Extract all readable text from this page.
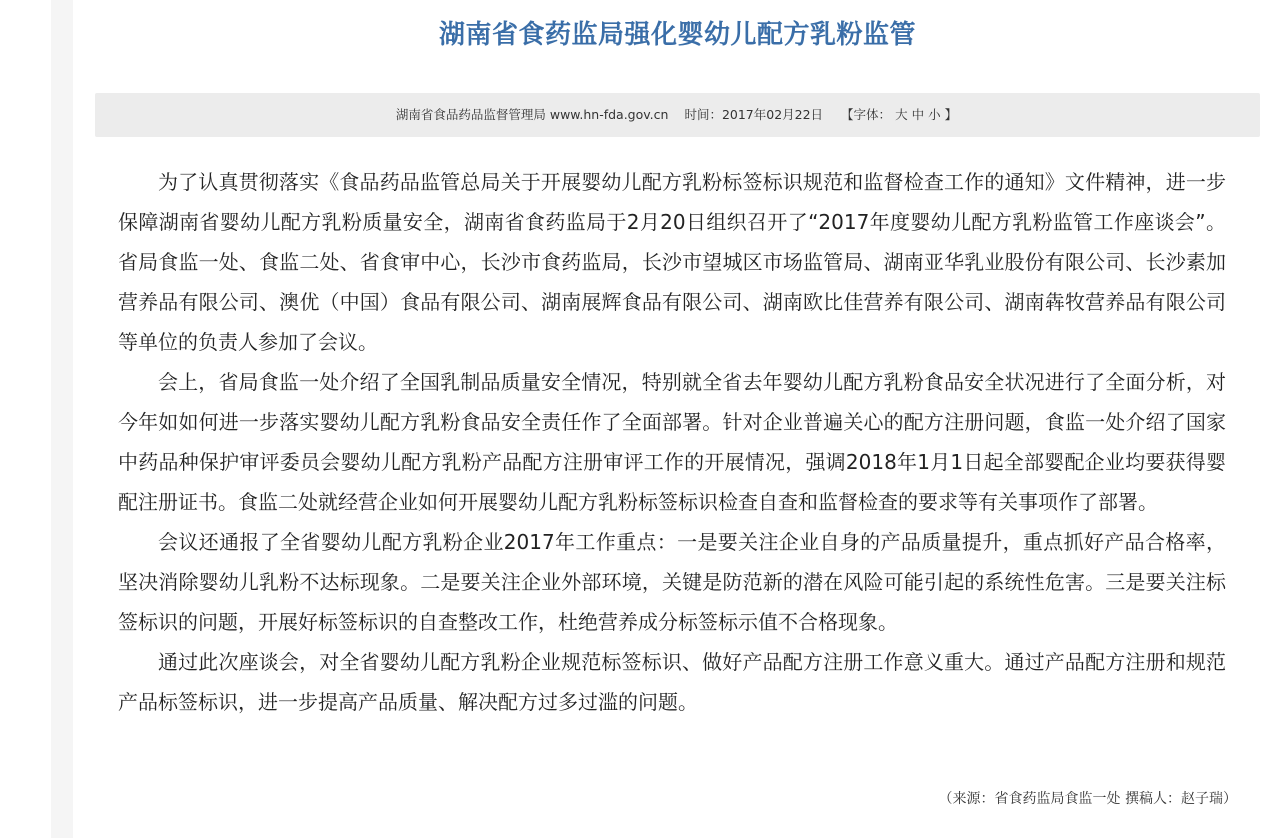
湖南省食药监局强化婴幼儿配方乳粉监管
湖南省食品药品监督管理局 www.hn-fda.gov.cn 时间：2017年02月22日 【字体： 大 中 小 】

为了认真贯彻落实《食品药品监管总局关于开展婴幼儿配方乳粉标签标识规范和监督检查工作的通知》文件精神，进一步保障湖南省婴幼儿配方乳粉质量安全，湖南省食药监局于2月20日组织召开了“2017年度婴幼儿配方乳粉监管工作座谈会”。省局食监一处、食监二处、省食审中心，长沙市食药监局，长沙市望城区市场监管局、湖南亚华乳业股份有限公司、长沙素加营养品有限公司、澳优（中国）食品有限公司、湖南展辉食品有限公司、湖南欧比佳营养有限公司、湖南犇牧营养品有限公司等单位的负责人参加了会议。

会上，省局食监一处介绍了全国乳制品质量安全情况，特别就全省去年婴幼儿配方乳粉食品安全状况进行了全面分析，对今年如如何进一步落实婴幼儿配方乳粉食品安全责任作了全面部署。针对企业普遍关心的配方注册问题，食监一处介绍了国家中药品种保护审评委员会婴幼儿配方乳粉产品配方注册审评工作的开展情况，强调2018年1月1日起全部婴配企业均要获得婴配注册证书。食监二处就经营企业如何开展婴幼儿配方乳粉标签标识检查自查和监督检查的要求等有关事项作了部署。

会议还通报了全省婴幼儿配方乳粉企业2017年工作重点：一是要关注企业自身的产品质量提升，重点抓好产品合格率，坚决消除婴幼儿乳粉不达标现象。二是要关注企业外部环境，关键是防范新的潜在风险可能引起的系统性危害。三是要关注标签标识的问题，开展好标签标识的自查整改工作，杜绝营养成分标签标示值不合格现象。

通过此次座谈会，对全省婴幼儿配方乳粉企业规范标签标识、做好产品配方注册工作意义重大。通过产品配方注册和规范产品标签标识，进一步提高产品质量、解决配方过多过滥的问题。

（来源：省食药监局食监一处 撰稿人：赵子瑞）
